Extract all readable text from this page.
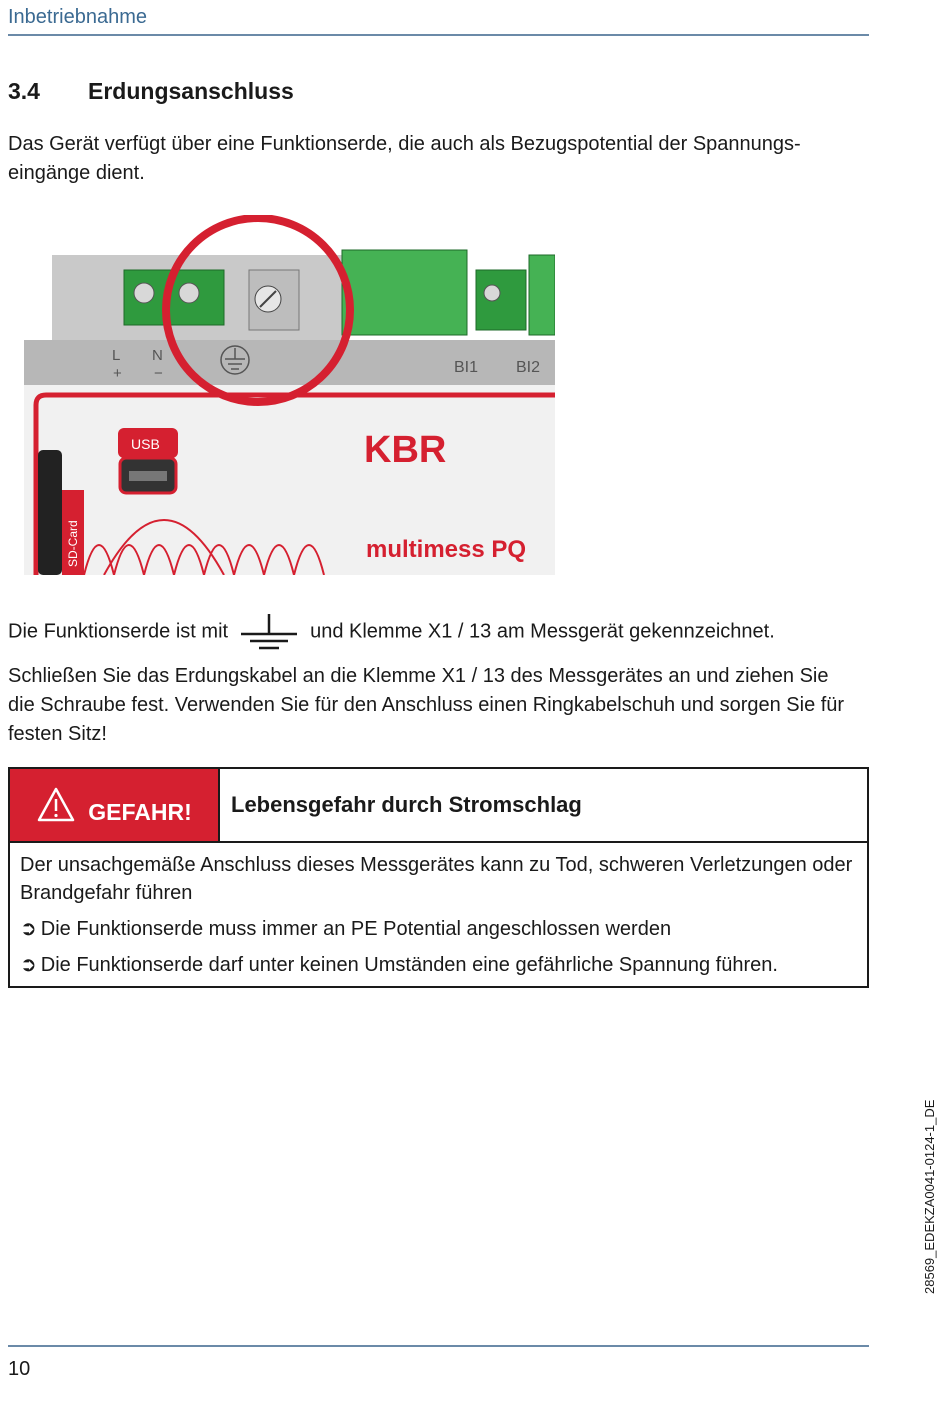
Inbetriebnahme
3.4 Erdungsanschluss
Das Gerät verfügt über eine Funktionserde, die auch als Bezugspotential der Spannungs-eingänge dient.
L N
+ −	BI1 BI2
USB
SD-Card
KBR
multimess PQ
Die Funktionserde ist mit	und Klemme X1 / 13 am Messgerät gekennzeichnet.
Schließen Sie das Erdungskabel an die Klemme X1 / 13 des Messgerätes an und ziehen Sie die Schraube fest. Verwenden Sie für den Anschluss einen Ringkabelschuh und sorgen Sie für festen Sitz!
GEFAHR!	Lebensgefahr durch Stromschlag
Der unsachgemäße Anschluss dieses Messgerätes kann zu Tod, schweren Verletzungen oder Brandgefahr führen
➲ Die Funktionserde muss immer an PE Potential angeschlossen werden
➲ Die Funktionserde darf unter keinen Umständen eine gefährliche Spannung führen.
28569_EDEKZA0041-0124-1_DE
10
